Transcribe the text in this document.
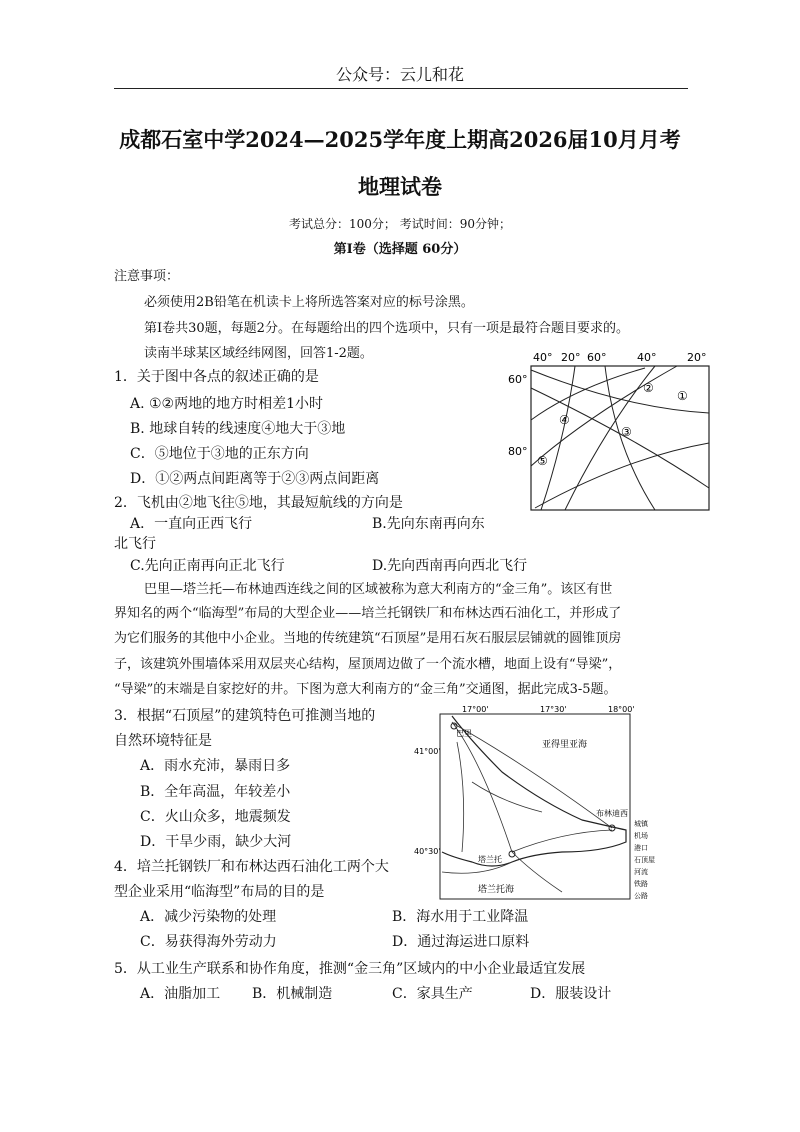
公众号：云儿和花
成都石室中学2024—2025学年度上期高2026届10月月考
地理试卷
考试总分：100分； 考试时间：90分钟；
第Ⅰ卷（选择题 60分）
注意事项：
必须使用2B铅笔在机读卡上将所选答案对应的标号涂黑。
第Ⅰ卷共30题，每题2分。在每题给出的四个选项中，只有一项是最符合题目要求的。
读南半球某区域经纬网图，回答1-2题。
1．关于图中各点的叙述正确的是
A. ①②两地的地方时相差1小时
B. 地球自转的线速度④地大于③地
C．⑤地位于③地的正东方向
D．①②两点间距离等于②③两点间距离
2．飞机由②地飞往⑤地，其最短航线的方向是
A．一直向正西飞行	B.先向东南再向东
北飞行
C.先向正南再向正北飞行	D.先向西南再向西北飞行
40° 20° 60°	40°	20°
60°
80°
①
②
③
④
⑤
巴里—塔兰托—布林迪西连线之间的区域被称为意大利南方的“金三角”。该区有世
界知名的两个“临海型”布局的大型企业——培兰托钢铁厂和布林达西石油化工，并形成了
为它们服务的其他中小企业。当地的传统建筑“石顶屋”是用石灰石服层层铺就的圆锥顶房
子，该建筑外围墙体采用双层夹心结构，屋顶周边做了一个流水槽，地面上设有“导梁”，
“导梁”的末端是自家挖好的井。下图为意大利南方的“金三角”交通图，据此完成3-5题。
3．根据“石顶屋”的建筑特色可推测当地的
自然环境特征是
A．雨水充沛，暴雨日多
B．全年高温，年较差小
C．火山众多，地震频发
D．干旱少雨，缺少大河
4．培兰托钢铁厂和布林达西石油化工两个大
型企业采用“临海型”布局的目的是
A．减少污染物的处理	B．海水用于工业降温
C．易获得海外劳动力	D．通过海运进口原料
5．从工业生产联系和协作角度，推测“金三角”区域内的中小企业最适宜发展
A．油脂加工 B．机械制造	C．家具生产	D．服装设计
17°00'	17°30'	18°00'
41°00'
40°30'
亚得里亚海
塔兰托海
巴里
布林迪西
塔兰托
城镇
机场
港口
石顶屋
河流
铁路
公路
